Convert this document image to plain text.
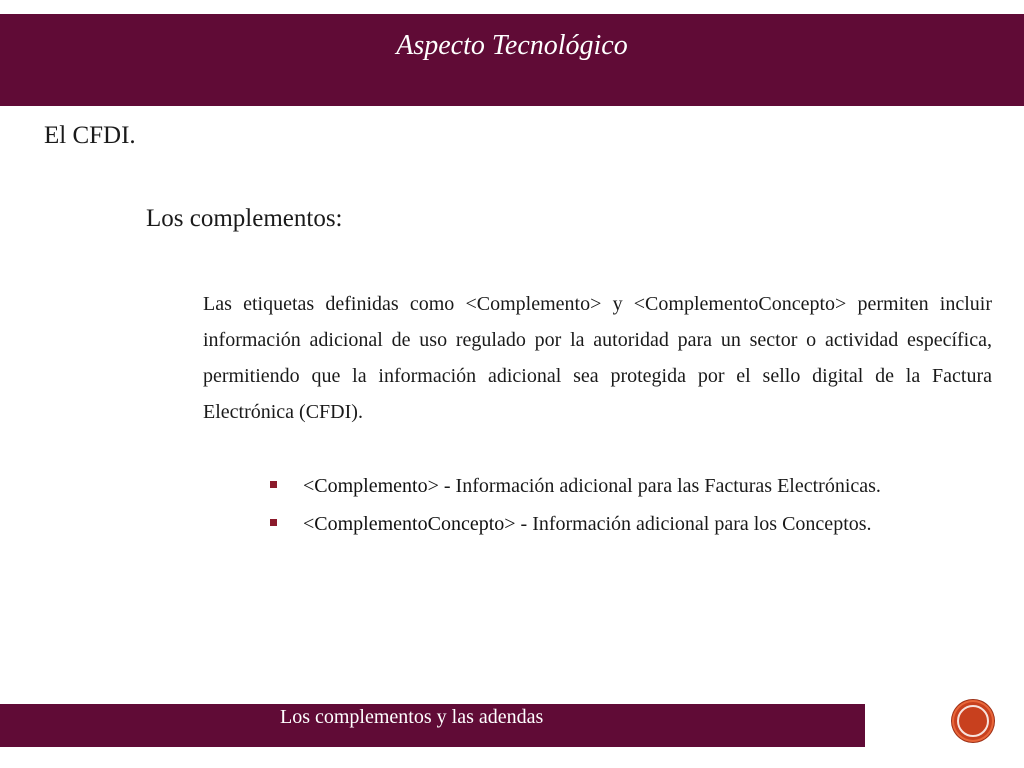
Aspecto Tecnológico
El CFDI.
Los complementos:
Las etiquetas definidas como <Complemento> y <ComplementoConcepto> permiten incluir información adicional de uso regulado por la autoridad para un sector o actividad específica, permitiendo que la información adicional sea protegida por el sello digital de la Factura Electrónica (CFDI).
<Complemento> - Información adicional para las Facturas Electrónicas.
<ComplementoConcepto> - Información adicional para los Conceptos.
Los complementos y las adendas
